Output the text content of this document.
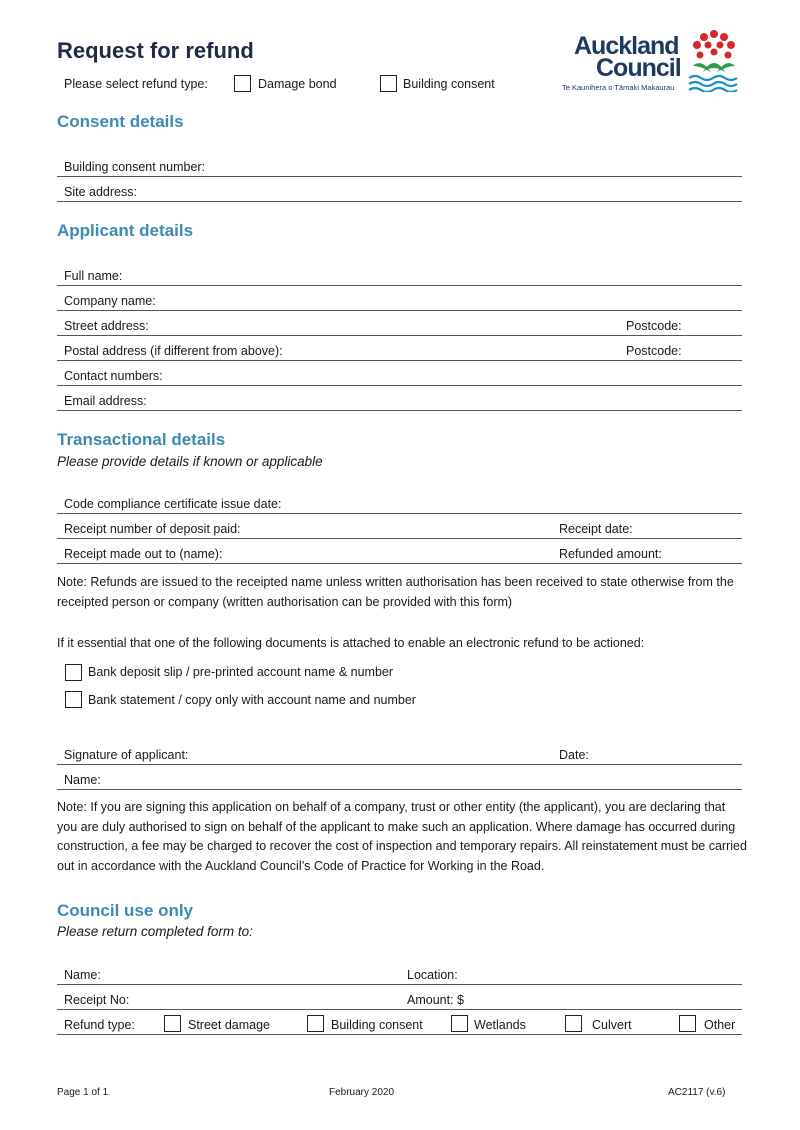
Request for refund
Please select refund type:	Damage bond	Building consent
Auckland
Council
Te Kaunihera o Tāmaki Makaurau
Consent details
Building consent number:
Site address:
Applicant details
Full name:
Company name:
Street address:	Postcode:
Postal address (if different from above):	Postcode:
Contact numbers:
Email address:
Transactional details
Please provide details if known or applicable
Code compliance certificate issue date:
Receipt number of deposit paid:	Receipt date:
Receipt made out to (name):	Refunded amount:
Note: Refunds are issued to the receipted name unless written authorisation has been received to state otherwise from the receipted person or company (written authorisation can be provided with this form)
If it essential that one of the following documents is attached to enable an electronic refund to be actioned:
Bank deposit slip / pre-printed account name & number
Bank statement / copy only with account name and number
Signature of applicant:	Date:
Name:
Note: If you are signing this application on behalf of a company, trust or other entity (the applicant), you are declaring that you are duly authorised to sign on behalf of the applicant to make such an application. Where damage has occurred during construction, a fee may be charged to recover the cost of inspection and temporary repairs. All reinstatement must be carried out in accordance with the Auckland Council’s Code of Practice for Working in the Road.
Council use only
Please return completed form to:
Name:	Location:
Receipt No:	Amount: $
Refund type:	Street damage	Building consent	Wetlands	Culvert	Other
Page 1 of 1	February 2020	AC2117 (v.6)
